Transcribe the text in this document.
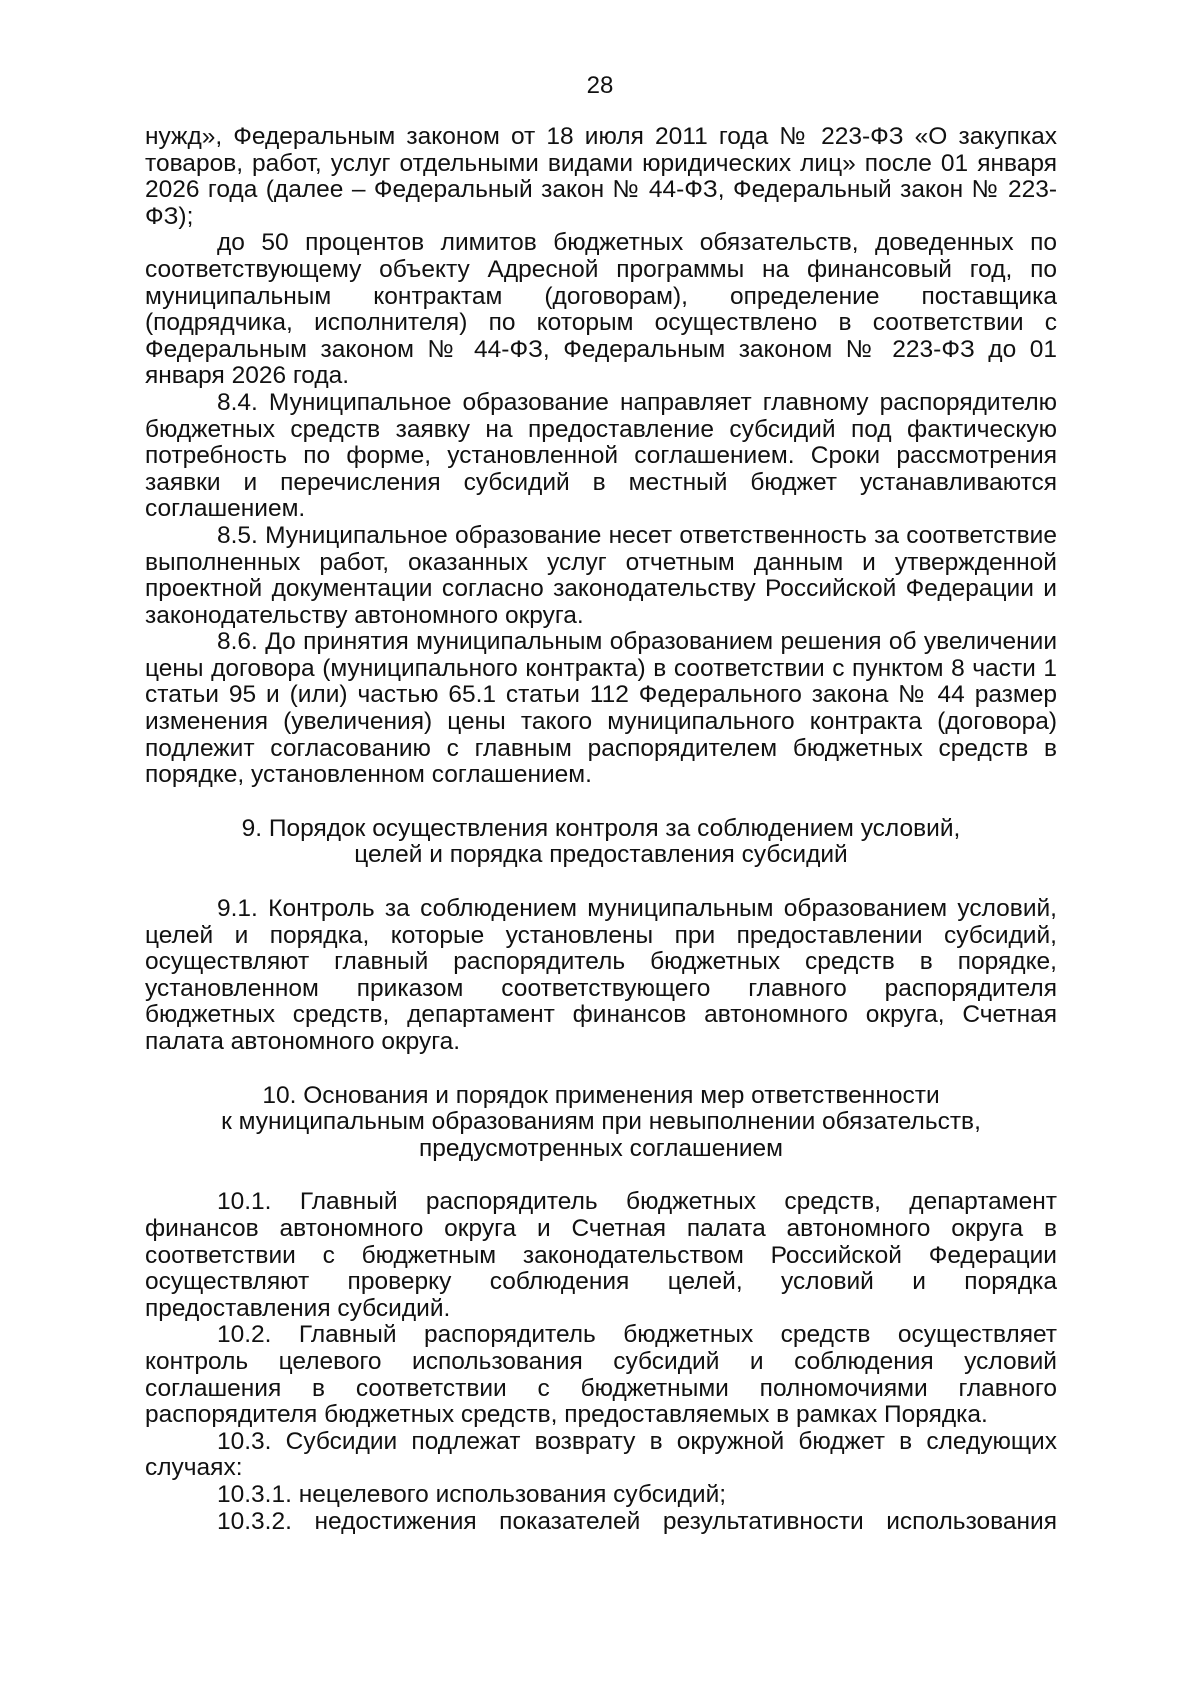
28

нужд», Федеральным законом от 18 июля 2011 года № 223-ФЗ «О закупках товаров, работ, услуг отдельными видами юридических лиц» после 01 января 2026 года (далее – Федеральный закон № 44-ФЗ, Федеральный закон № 223-ФЗ);

до 50 процентов лимитов бюджетных обязательств, доведенных по соответствующему объекту Адресной программы на финансовый год, по муниципальным контрактам (договорам), определение поставщика (подрядчика, исполнителя) по которым осуществлено в соответствии с Федеральным законом № 44-ФЗ, Федеральным законом № 223-ФЗ до 01 января 2026 года.

8.4. Муниципальное образование направляет главному распорядителю бюджетных средств заявку на предоставление субсидий под фактическую потребность по форме, установленной соглашением. Сроки рассмотрения заявки и перечисления субсидий в местный бюджет устанавливаются соглашением.

8.5. Муниципальное образование несет ответственность за соответствие выполненных работ, оказанных услуг отчетным данным и утвержденной проектной документации согласно законодательству Российской Федерации и законодательству автономного округа.

8.6. До принятия муниципальным образованием решения об увеличении цены договора (муниципального контракта) в соответствии с пунктом 8 части 1 статьи 95 и (или) частью 65.1 статьи 112 Федерального закона № 44 размер изменения (увеличения) цены такого муниципального контракта (договора) подлежит согласованию с главным распорядителем бюджетных средств в порядке, установленном соглашением.

9. Порядок осуществления контроля за соблюдением условий,
целей и порядка предоставления субсидий

9.1. Контроль за соблюдением муниципальным образованием условий, целей и порядка, которые установлены при предоставлении субсидий, осуществляют главный распорядитель бюджетных средств в порядке, установленном приказом соответствующего главного распорядителя бюджетных средств, департамент финансов автономного округа, Счетная палата автономного округа.

10. Основания и порядок применения мер ответственности
к муниципальным образованиям при невыполнении обязательств,
предусмотренных соглашением

10.1. Главный распорядитель бюджетных средств, департамент финансов автономного округа и Счетная палата автономного округа в соответствии с бюджетным законодательством Российской Федерации осуществляют проверку соблюдения целей, условий и порядка предоставления субсидий.

10.2. Главный распорядитель бюджетных средств осуществляет контроль целевого использования субсидий и соблюдения условий соглашения в соответствии с бюджетными полномочиями главного распорядителя бюджетных средств, предоставляемых в рамках Порядка.

10.3. Субсидии подлежат возврату в окружной бюджет в следующих случаях:

10.3.1. нецелевого использования субсидий;

10.3.2. недостижения показателей результативности использования
